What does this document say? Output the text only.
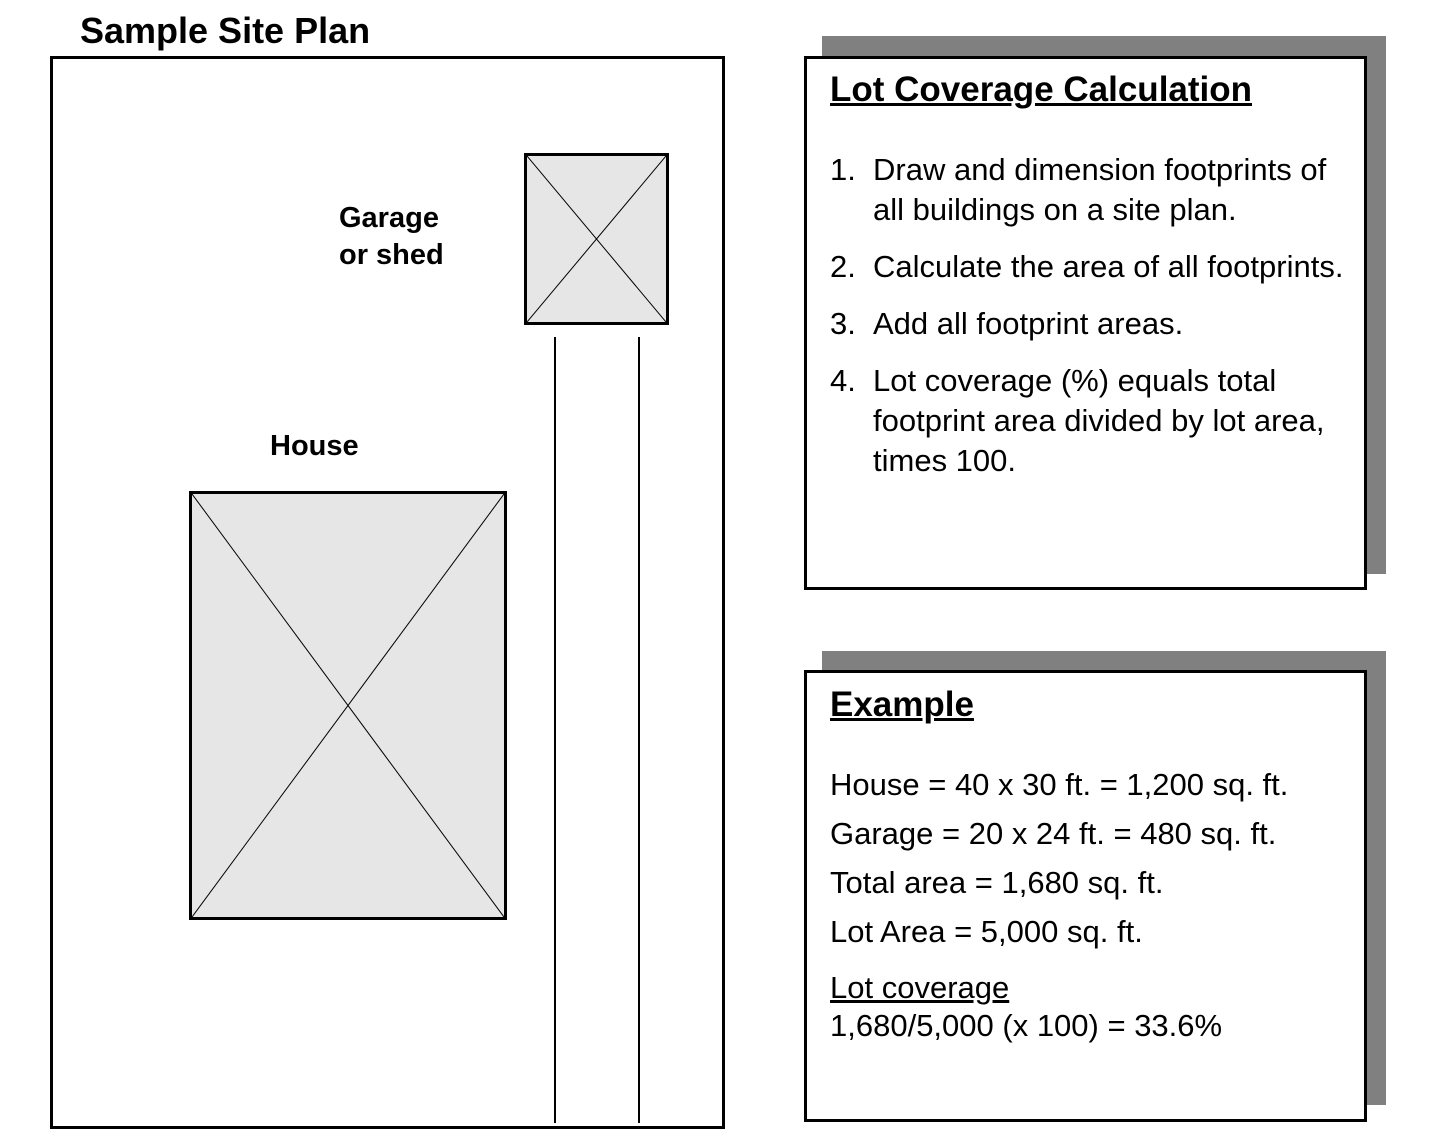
Sample Site Plan
Garage
or shed
House
Lot Coverage Calculation
1. Draw and dimension footprints of all buildings on a site plan.
2. Calculate the area of all footprints.
3. Add all footprint areas.
4. Lot coverage (%) equals total footprint area divided by lot area, times 100.
Example
House = 40 x 30 ft. = 1,200 sq. ft.
Garage = 20 x 24 ft. = 480 sq. ft.
Total area = 1,680 sq. ft.
Lot Area = 5,000 sq. ft.
Lot coverage
1,680/5,000 (x 100) = 33.6%
